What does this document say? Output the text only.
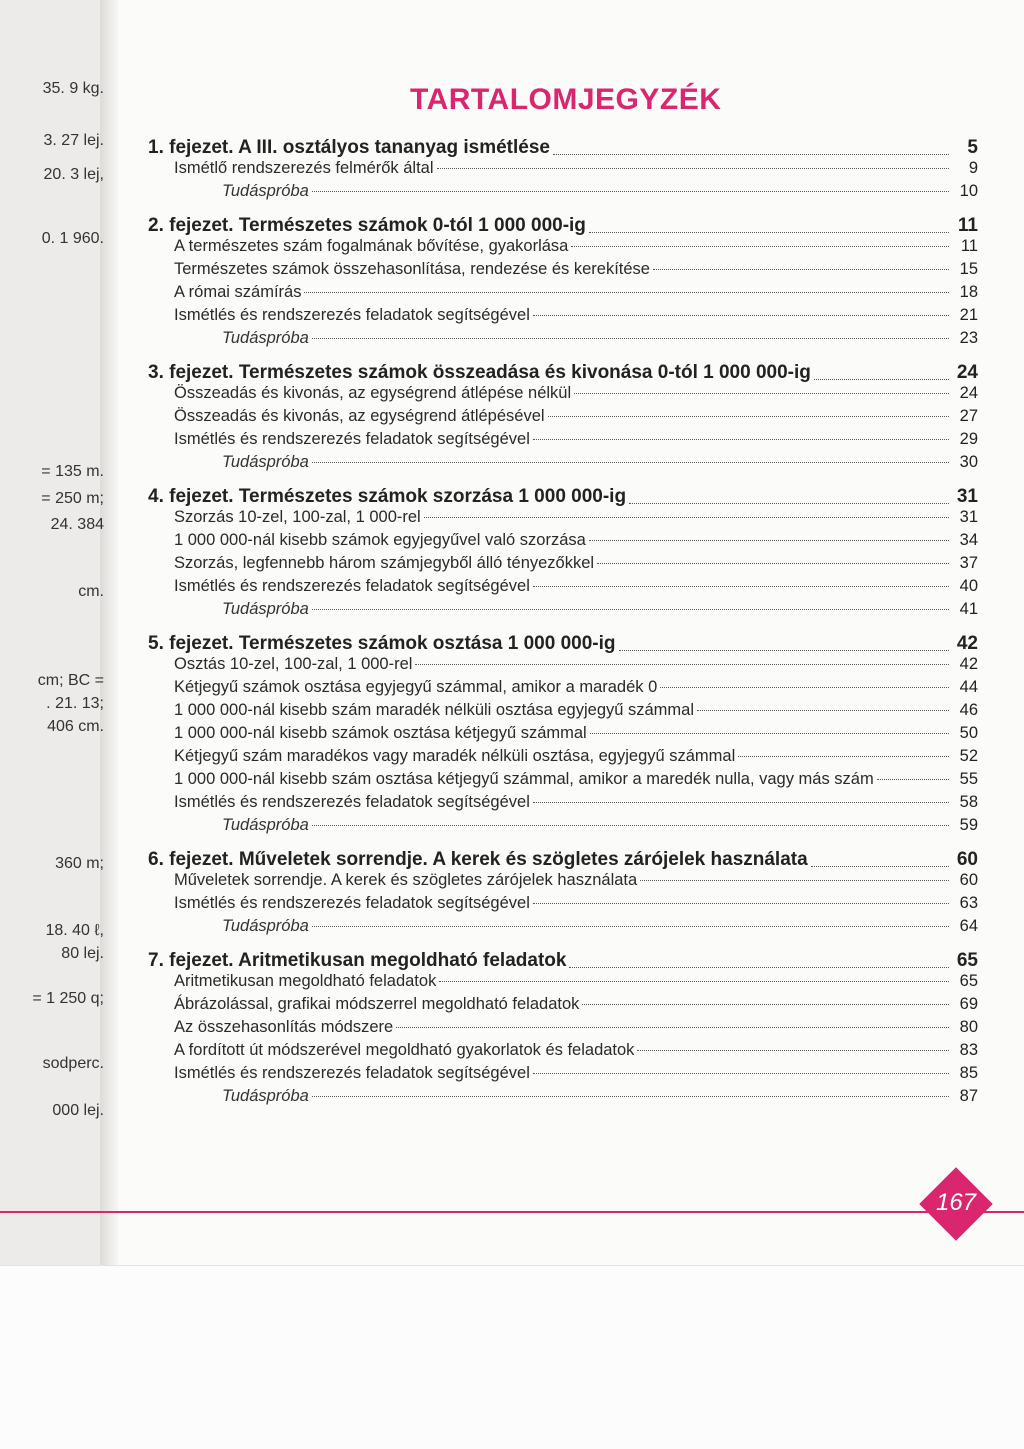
35. 9 kg.
3. 27 lej.
20. 3 lej,
0. 1 960.
= 135 m.
= 250 m;
24. 384
cm.
cm; BC =
. 21. 13;
406 cm.
360 m;
18. 40 ℓ,
80 lej.
= 1 250 q;
sodperc.
000 lej.
TARTALOMJEGYZÉK
1. fejezet. A III. osztályos tananyag ismétlése	5
Ismétlő rendszerezés felmérők által	9
Tudáspróba	10
2. fejezet. Természetes számok 0-tól 1 000 000-ig	11
A természetes szám fogalmának bővítése, gyakorlása	11
Természetes számok összehasonlítása, rendezése és kerekítése	15
A római számírás	18
Ismétlés és rendszerezés feladatok segítségével	21
Tudáspróba	23
3. fejezet. Természetes számok összeadása és kivonása 0-tól 1 000 000-ig	24
Összeadás és kivonás, az egységrend átlépése nélkül	24
Összeadás és kivonás, az egységrend átlépésével	27
Ismétlés és rendszerezés feladatok segítségével	29
Tudáspróba	30
4. fejezet. Természetes számok szorzása 1 000 000-ig	31
Szorzás 10-zel, 100-zal, 1 000-rel	31
1 000 000-nál kisebb számok egyjegyűvel való szorzása	34
Szorzás, legfennebb három számjegyből álló tényezőkkel	37
Ismétlés és rendszerezés feladatok segítségével	40
Tudáspróba	41
5. fejezet. Természetes számok osztása 1 000 000-ig	42
Osztás 10-zel, 100-zal, 1 000-rel	42
Kétjegyű számok osztása egyjegyű számmal, amikor a maradék 0	44
1 000 000-nál kisebb szám maradék nélküli osztása egyjegyű számmal	46
1 000 000-nál kisebb számok osztása kétjegyű számmal	50
Kétjegyű szám maradékos vagy maradék nélküli osztása, egyjegyű számmal	52
1 000 000-nál kisebb szám osztása kétjegyű számmal, amikor a maredék nulla, vagy más szám	55
Ismétlés és rendszerezés feladatok segítségével	58
Tudáspróba	59
6. fejezet. Műveletek sorrendje. A kerek és szögletes zárójelek használata	60
Műveletek sorrendje. A kerek és szögletes zárójelek használata	60
Ismétlés és rendszerezés feladatok segítségével	63
Tudáspróba	64
7. fejezet. Aritmetikusan megoldható feladatok	65
Aritmetikusan megoldható feladatok	65
Ábrázolással, grafikai módszerrel megoldható feladatok	69
Az összehasonlítás módszere	80
A fordított út módszerével megoldható gyakorlatok és feladatok	83
Ismétlés és rendszerezés feladatok segítségével	85
Tudáspróba	87
167
